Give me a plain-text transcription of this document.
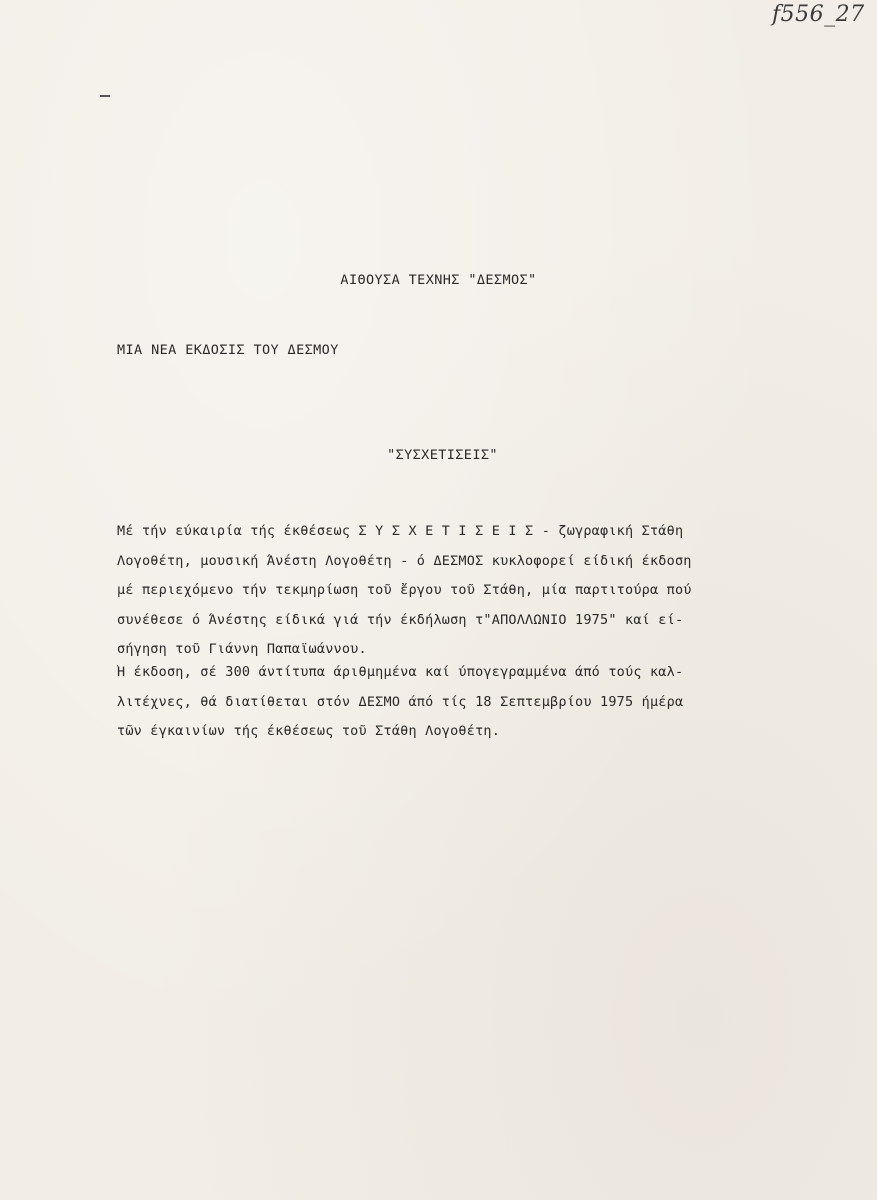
f556_27
ΑΙΘΟΥΣΑ ΤΕΧΝΗΣ "ΔΕΣΜΟΣ"
ΜΙΑ ΝΕΑ ΕΚΔΟΣΙΣ ΤΟΥ ΔΕΣΜΟΥ
"ΣΥΣΧΕΤΙΣΕΙΣ"
Μέ τήν εύκαιρία τής έκθέσεως Σ Υ Σ Χ Ε Τ Ι Σ Ε Ι Σ - ζωγραφική Στάθη
Λογοθέτη, μουσική Άνέστη Λογοθέτη - ό ΔΕΣΜΟΣ κυκλοφορεί είδική έκδοση
μέ περιεχόμενο τήν τεκμηρίωση τοῦ ἔργου τοῦ Στάθη, μία παρτιτούρα πού
συνέθεσε ό Άνέστης είδικά γιά τήν έκδήλωση τ"ΑΠΟΛΛΩΝΙΟ 1975" καί εί-
σήγηση τοῦ Γιάννη Παπαϊωάννου.
Ή έκδοση, σέ 300 άντίτυπα άριθμημένα καί ύπογεγραμμένα άπό τούς καλ-
λιτέχνες, θά διατίθεται στόν ΔΕΣΜΟ άπό τίς 18 Σεπτεμβρίου 1975 ήμέρα
τῶν έγκαινίων τής έκθέσεως τοῦ Στάθη Λογοθέτη.
